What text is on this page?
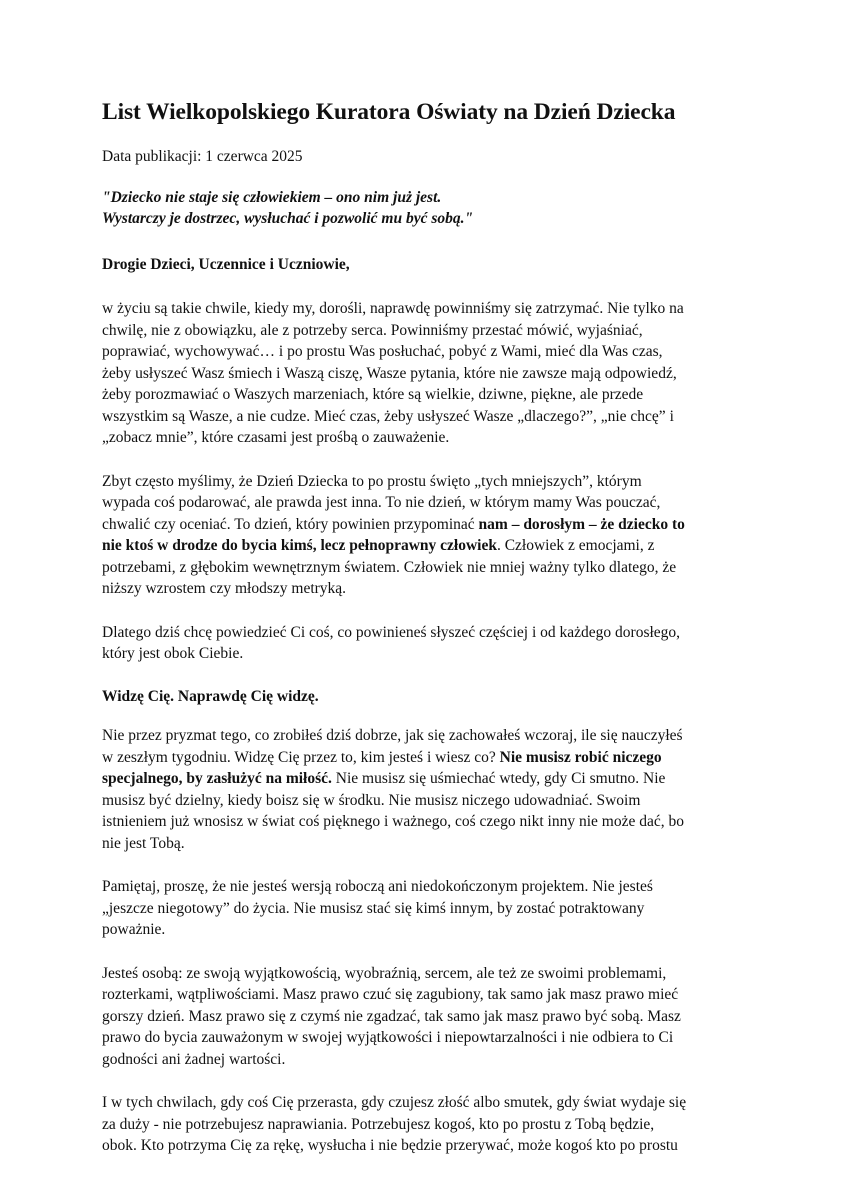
List Wielkopolskiego Kuratora Oświaty na Dzień Dziecka
Data publikacji: 1 czerwca 2025
"Dziecko nie staje się człowiekiem – ono nim już jest.
Wystarczy je dostrzec, wysłuchać i pozwolić mu być sobą."
Drogie Dzieci, Uczennice i Uczniowie,
w życiu są takie chwile, kiedy my, dorośli, naprawdę powinniśmy się zatrzymać. Nie tylko na
chwilę, nie z obowiązku, ale z potrzeby serca. Powinniśmy przestać mówić, wyjaśniać,
poprawiać, wychowywać… i po prostu Was posłuchać, pobyć z Wami, mieć dla Was czas,
żeby usłyszeć Wasz śmiech i Waszą ciszę, Wasze pytania, które nie zawsze mają odpowiedź,
żeby porozmawiać o Waszych marzeniach, które są wielkie, dziwne, piękne, ale przede
wszystkim są Wasze, a nie cudze. Mieć czas, żeby usłyszeć Wasze „dlaczego?”, „nie chcę” i
„zobacz mnie”, które czasami jest prośbą o zauważenie.
Zbyt często myślimy, że Dzień Dziecka to po prostu święto „tych mniejszych”, którym
wypada coś podarować, ale prawda jest inna. To nie dzień, w którym mamy Was pouczać,
chwalić czy oceniać. To dzień, który powinien przypominać nam – dorosłym – że dziecko to
nie ktoś w drodze do bycia kimś, lecz pełnoprawny człowiek. Człowiek z emocjami, z
potrzebami, z głębokim wewnętrznym światem. Człowiek nie mniej ważny tylko dlatego, że
niższy wzrostem czy młodszy metryką.
Dlatego dziś chcę powiedzieć Ci coś, co powinieneś słyszeć częściej i od każdego dorosłego,
który jest obok Ciebie.
Widzę Cię. Naprawdę Cię widzę.
Nie przez pryzmat tego, co zrobiłeś dziś dobrze, jak się zachowałeś wczoraj, ile się nauczyłeś
w zeszłym tygodniu. Widzę Cię przez to, kim jesteś i wiesz co? Nie musisz robić niczego
specjalnego, by zasłużyć na miłość. Nie musisz się uśmiechać wtedy, gdy Ci smutno. Nie
musisz być dzielny, kiedy boisz się w środku. Nie musisz niczego udowadniać. Swoim
istnieniem już wnosisz w świat coś pięknego i ważnego, coś czego nikt inny nie może dać, bo
nie jest Tobą.
Pamiętaj, proszę, że nie jesteś wersją roboczą ani niedokończonym projektem. Nie jesteś
„jeszcze niegotowy” do życia. Nie musisz stać się kimś innym, by zostać potraktowany
poważnie.
Jesteś osobą: ze swoją wyjątkowością, wyobraźnią, sercem, ale też ze swoimi problemami,
rozterkami, wątpliwościami. Masz prawo czuć się zagubiony, tak samo jak masz prawo mieć
gorszy dzień. Masz prawo się z czymś nie zgadzać, tak samo jak masz prawo być sobą. Masz
prawo do bycia zauważonym w swojej wyjątkowości i niepowtarzalności i nie odbiera to Ci
godności ani żadnej wartości.
I w tych chwilach, gdy coś Cię przerasta, gdy czujesz złość albo smutek, gdy świat wydaje się
za duży - nie potrzebujesz naprawiania. Potrzebujesz kogoś, kto po prostu z Tobą będzie,
obok. Kto potrzyma Cię za rękę, wysłucha i nie będzie przerywać, może kogoś kto po prostu
